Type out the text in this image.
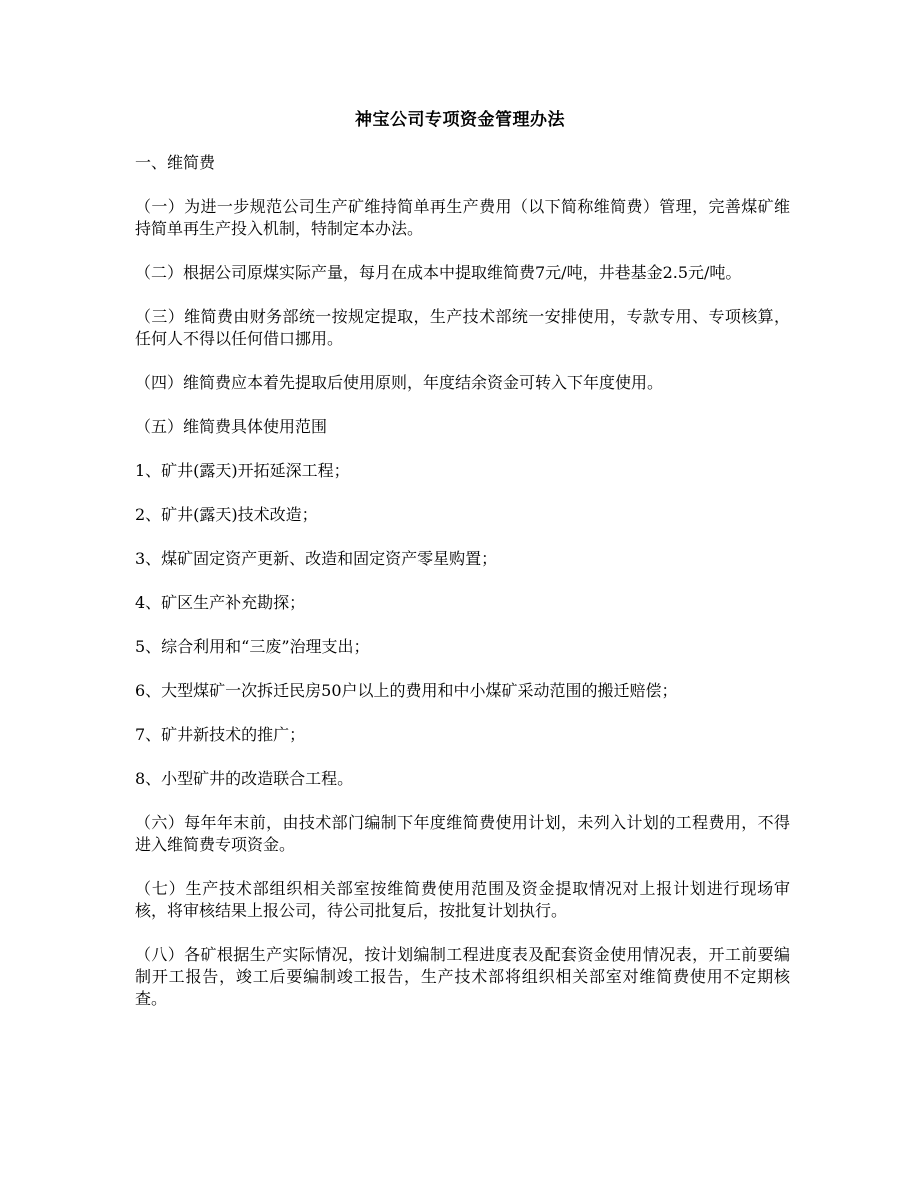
神宝公司专项资金管理办法

一、维简费

（一）为进一步规范公司生产矿维持简单再生产费用（以下简称维简费）管理，完善煤矿维持简单再生产投入机制，特制定本办法。

（二）根据公司原煤实际产量，每月在成本中提取维简费7元/吨，井巷基金2.5元/吨。

（三）维简费由财务部统一按规定提取，生产技术部统一安排使用，专款专用、专项核算，任何人不得以任何借口挪用。

（四）维简费应本着先提取后使用原则，年度结余资金可转入下年度使用。

（五）维简费具体使用范围

1、矿井(露天)开拓延深工程；

2、矿井(露天)技术改造；

3、煤矿固定资产更新、改造和固定资产零星购置；

4、矿区生产补充勘探；

5、综合利用和“三废”治理支出；

6、大型煤矿一次拆迁民房50户以上的费用和中小煤矿采动范围的搬迁赔偿；

7、矿井新技术的推广；

8、小型矿井的改造联合工程。

（六）每年年末前，由技术部门编制下年度维简费使用计划，未列入计划的工程费用，不得进入维简费专项资金。

（七）生产技术部组织相关部室按维简费使用范围及资金提取情况对上报计划进行现场审核，将审核结果上报公司，待公司批复后，按批复计划执行。

（八）各矿根据生产实际情况，按计划编制工程进度表及配套资金使用情况表，开工前要编制开工报告，竣工后要编制竣工报告，生产技术部将组织相关部室对维简费使用不定期核查。
